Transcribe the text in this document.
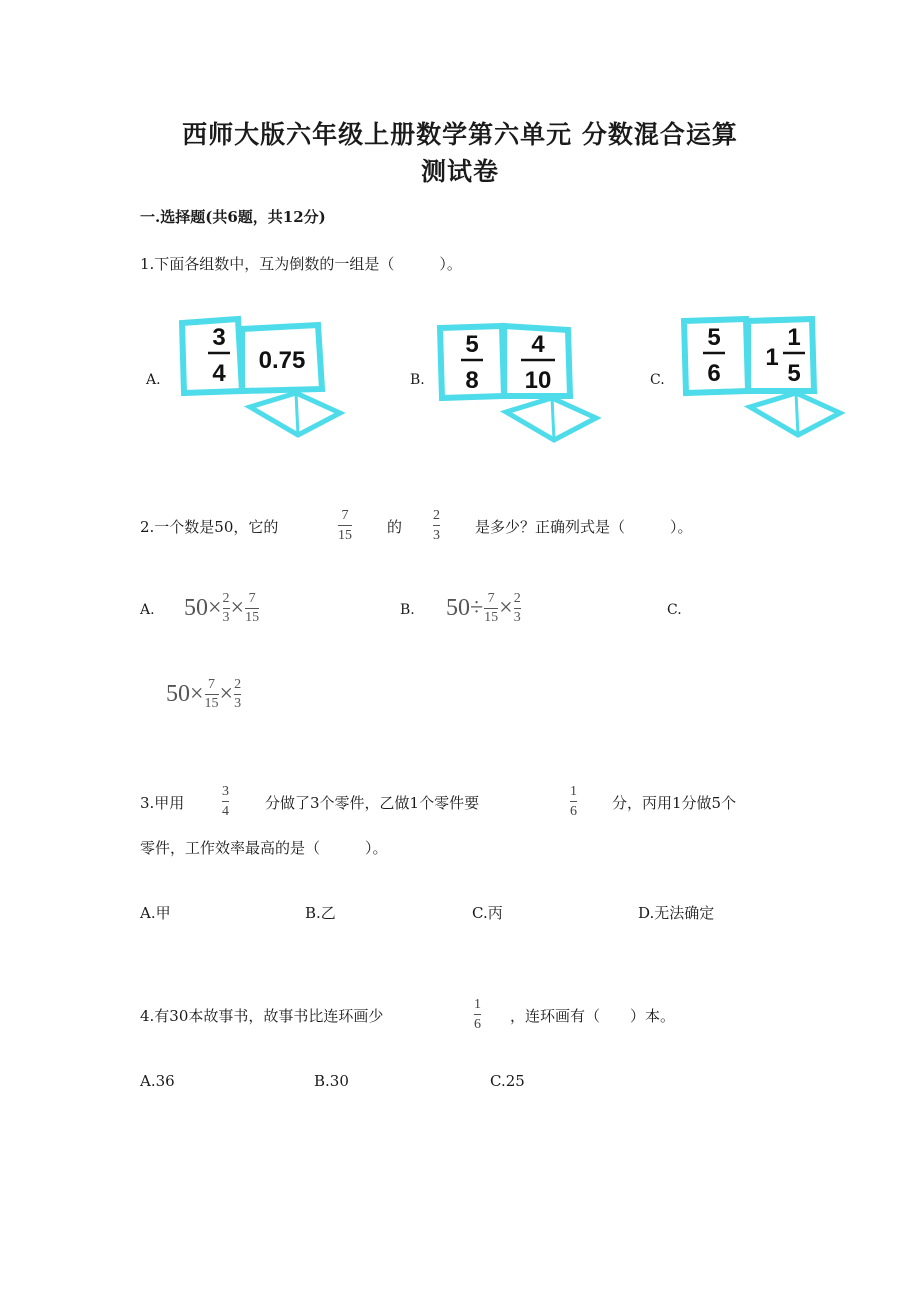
西师大版六年级上册数学第六单元 分数混合运算
测试卷
一.选择题(共6题，共12分)
1.下面各组数中，互为倒数的一组是（　　　）。
A.
3
4 0.75
B.
5
8
4
10	C.
5
6
1
1
5
2.一个数是50，它的
7
15 的
2
3 是多少？正确列式是（　　　）。
A. 50× 2
3 × 7
15	B. 50÷ 7
15 × 2
3	C.
50× 7
15 × 2
3
3.甲用
3
4 分做了3个零件，乙做1个零件要
1
6 分，丙用1分做5个
零件，工作效率最高的是（　　　）。
A.甲	B.乙	C.丙	D.无法确定
4.有30本故事书，故事书比连环画少
1
6 ，连环画有（　　）本。
A.36	B.30	C.25
